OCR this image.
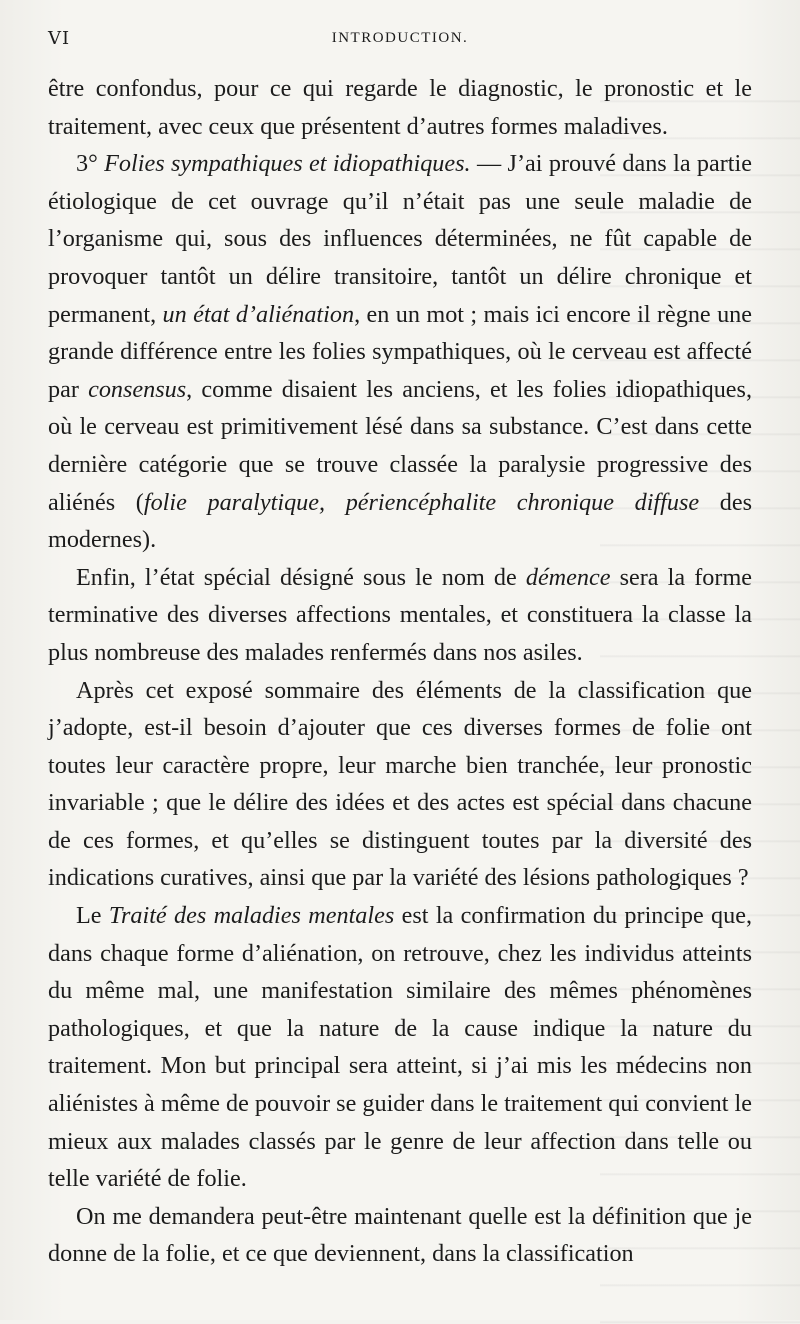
VI	INTRODUCTION.

être confondus, pour ce qui regarde le diagnostic, le pronostic et le traitement, avec ceux que présentent d’autres formes maladives.

3° Folies sympathiques et idiopathiques. — J’ai prouvé dans la partie étiologique de cet ouvrage qu’il n’était pas une seule maladie de l’organisme qui, sous des influences déterminées, ne fût capable de provoquer tantôt un délire transitoire, tantôt un délire chronique et permanent, un état d’aliénation, en un mot ; mais ici encore il règne une grande différence entre les folies sympathiques, où le cerveau est affecté par consensus, comme disaient les anciens, et les folies idiopathiques, où le cerveau est primitivement lésé dans sa substance. C’est dans cette dernière catégorie que se trouve classée la paralysie progressive des aliénés (folie paralytique, périencéphalite chronique diffuse des modernes).

Enfin, l’état spécial désigné sous le nom de démence sera la forme terminative des diverses affections mentales, et constituera la classe la plus nombreuse des malades renfermés dans nos asiles.

Après cet exposé sommaire des éléments de la classification que j’adopte, est-il besoin d’ajouter que ces diverses formes de folie ont toutes leur caractère propre, leur marche bien tranchée, leur pronostic invariable ; que le délire des idées et des actes est spécial dans chacune de ces formes, et qu’elles se distinguent toutes par la diversité des indications curatives, ainsi que par la variété des lésions pathologiques ?

Le Traité des maladies mentales est la confirmation du principe que, dans chaque forme d’aliénation, on retrouve, chez les individus atteints du même mal, une manifestation similaire des mêmes phénomènes pathologiques, et que la nature de la cause indique la nature du traitement. Mon but principal sera atteint, si j’ai mis les médecins non aliénistes à même de pouvoir se guider dans le traitement qui convient le mieux aux malades classés par le genre de leur affection dans telle ou telle variété de folie.

On me demandera peut-être maintenant quelle est la définition que je donne de la folie, et ce que deviennent, dans la classification
